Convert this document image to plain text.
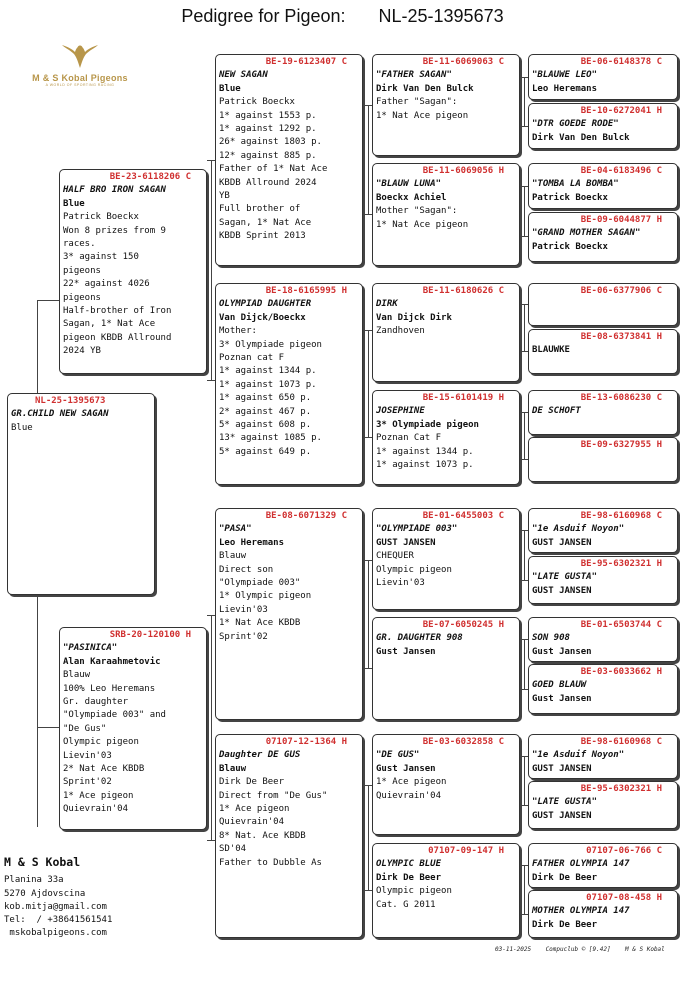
Pedigree for Pigeon: NL-25-1395673
M & S Kobal Pigeons
A WORLD OF SPORTING RACING
NL-25-1395673
GR.CHILD NEW SAGAN
Blue
BE-23-6118206 C
HALF BRO IRON SAGAN
Blue
Patrick Boeckx
Won 8 prizes from 9
races.
3* against 150
pigeons
22* against 4026
pigeons
Half-brother of Iron
Sagan, 1* Nat Ace
pigeon KBDB Allround
2024 YB
SRB-20-120100 H
"PASINICA"
Alan Karaahmetovic
Blauw
100% Leo Heremans
Gr. daughter
"Olympiade 003" and
"De Gus"
Olympic pigeon
Lievin'03
2* Nat Ace KBDB
Sprint'02
1* Ace pigeon
Quievrain'04
BE-19-6123407 C
NEW SAGAN
Blue
Patrick Boeckx
1* against 1553 p.
1* against 1292 p.
26* against 1803 p.
12* against 885 p.
Father of 1* Nat Ace
KBDB Allround 2024
YB
Full brother of
Sagan, 1* Nat Ace
KBDB Sprint 2013
BE-18-6165995 H
OLYMPIAD DAUGHTER
Van Dijck/Boeckx
Mother:
3* Olympiade pigeon
Poznan cat F
1* against 1344 p.
1* against 1073 p.
1* against 650 p.
2* against 467 p.
5* against 608 p.
13* against 1085 p.
5* against 649 p.
BE-08-6071329 C
"PASA"
Leo Heremans
Blauw
Direct son
"Olympiade 003"
1* Olympic pigeon
Lievin'03
1* Nat Ace KBDB
Sprint'02
07107-12-1364 H
Daughter DE GUS
Blauw
Dirk De Beer
Direct from "De Gus"
1* Ace pigeon
Quievrain'04
8* Nat. Ace KBDB
SD'04
Father to Dubble As
BE-11-6069063 C
"FATHER SAGAN"
Dirk Van Den Bulck
Father "Sagan":
1* Nat Ace pigeon
BE-11-6069056 H
"BLAUW LUNA"
Boeckx Achiel
Mother "Sagan":
1* Nat Ace pigeon
BE-11-6180626 C
DIRK
Van Dijck Dirk
Zandhoven
BE-15-6101419 H
JOSEPHINE
3* Olympiade pigeon
Poznan Cat F
1* against 1344 p.
1* against 1073 p.
BE-01-6455003 C
"OLYMPIADE 003"
GUST JANSEN
CHEQUER
Olympic pigeon
Lievin'03
BE-07-6050245 H
GR. DAUGHTER 908
Gust Jansen
BE-03-6032858 C
"DE GUS"
Gust Jansen
1* Ace pigeon
Quievrain'04
07107-09-147 H
OLYMPIC BLUE
Dirk De Beer
Olympic pigeon
Cat. G 2011
BE-06-6148378 C
"BLAUWE LEO"
Leo Heremans
BE-10-6272041 H
"DTR GOEDE RODE"
Dirk Van Den Bulck
BE-04-6183496 C
"TOMBA LA BOMBA"
Patrick Boeckx
BE-09-6044877 H
"GRAND MOTHER SAGAN"
Patrick Boeckx
BE-06-6377906 C
BE-08-6373841 H
BLAUWKE
BE-13-6086230 C
DE SCHOFT
BE-09-6327955 H
BE-98-6160968 C
"1e Asduif Noyon"
GUST JANSEN
BE-95-6302321 H
"LATE GUSTA"
GUST JANSEN
BE-01-6503744 C
SON 908
Gust Jansen
BE-03-6033662 H
GOED BLAUW
Gust Jansen
BE-98-6160968 C
"1e Asduif Noyon"
GUST JANSEN
BE-95-6302321 H
"LATE GUSTA"
GUST JANSEN
07107-06-766 C
FATHER OLYMPIA 147
Dirk De Beer
07107-08-458 H
MOTHER OLYMPIA 147
Dirk De Beer
M & S Kobal
Planina 33a
5270 Ajdovscina
kob.mitja@gmail.com
Tel:  / +38641561541
mskobalpigeons.com
03-11-2025    Compuclub © [9.42]    M & S Kobal
